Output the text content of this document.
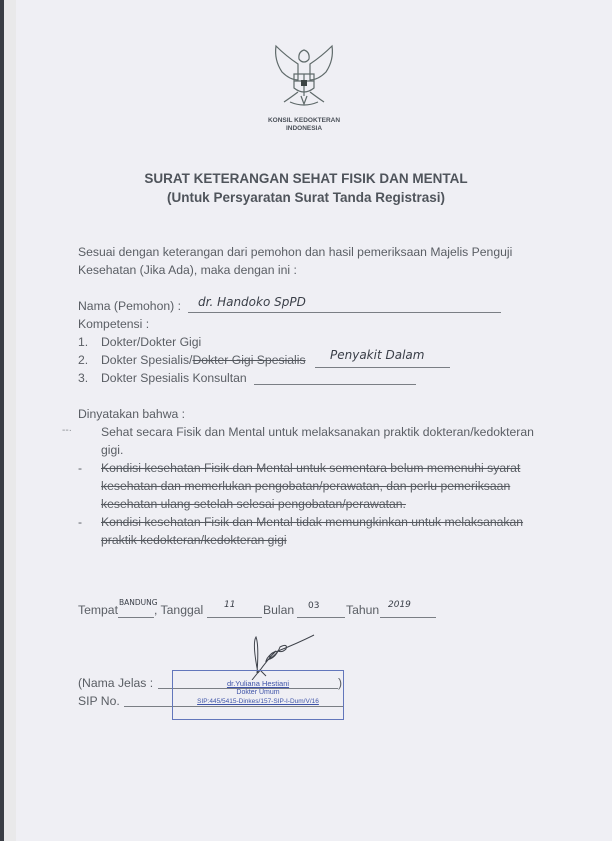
KONSIL KEDOKTERAN
INDONESIA
SURAT KETERANGAN SEHAT FISIK DAN MENTAL
(Untuk Persyaratan Surat Tanda Registrasi)
Sesuai dengan keterangan dari pemohon dan hasil pemeriksaan Majelis Penguji
Kesehatan (Jika Ada), maka dengan ini :
Nama (Pemohon) : dr. Handoko SpPD
Kompetensi :
1. Dokter/Dokter Gigi
2. Dokter Spesialis/Dokter Gigi Spesialis Penyakit Dalam
3. Dokter Spesialis Konsultan
Dinyatakan bahwa :
--· Sehat secara Fisik dan Mental untuk melaksanakan praktik dokteran/kedokteran
gigi.
- Kondisi kesehatan Fisik dan Mental untuk sementara belum memenuhi syarat
kesehatan dan memerlukan pengobatan/perawatan, dan perlu pemeriksaan
kesehatan ulang setelah selesai pengobatan/perawatan.
- Kondisi kesehatan Fisik dan Mental tidak memungkinkan untuk melaksanakan
praktik kedokteran/kedokteran gigi
Tempat
BANDUNG
, Tanggal 11 Bulan 03 Tahun 2019
(Nama Jelas :	)
SIP No.
dr.Yuliana Hestiani
Dokter Umum
SIP:445/5415-Dinkes/157-SIP-I-Dum/V/16
